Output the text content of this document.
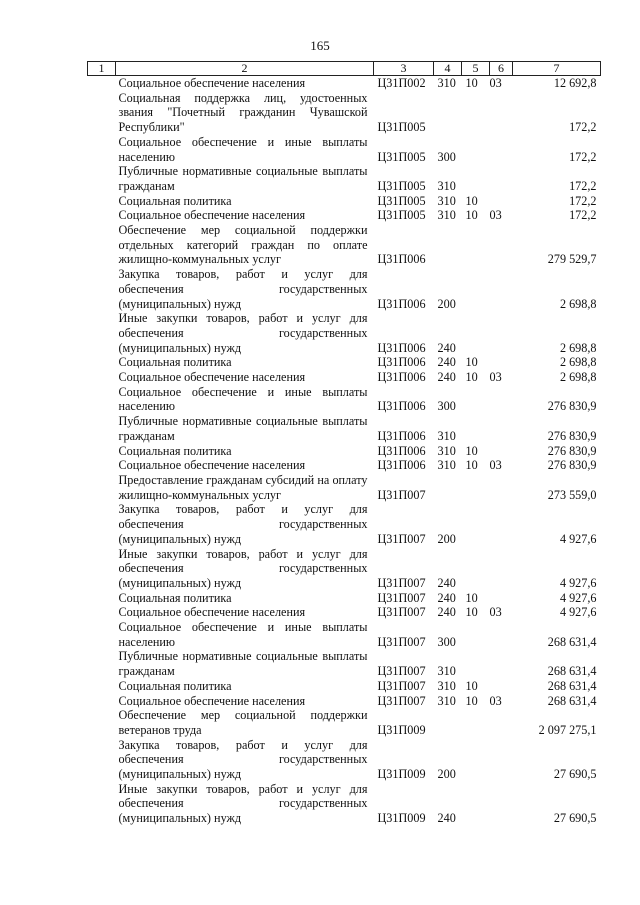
165
1	2	3	4	5	6	7
	Социальное обеспечение населения	Ц31П002	310	10	03	12 692,8
	Социальная поддержка лиц, удостоенных звания "Почетный гражданин Чувашской Республики"	Ц31П005				172,2
	Социальное обеспечение и иные выплаты населению	Ц31П005	300			172,2
	Публичные нормативные социальные выплаты гражданам	Ц31П005	310			172,2
	Социальная политика	Ц31П005	310	10		172,2
	Социальное обеспечение населения	Ц31П005	310	10	03	172,2
	Обеспечение мер социальной поддержки отдельных категорий граждан по оплате жилищно-коммунальных услуг	Ц31П006				279 529,7
	Закупка товаров, работ и услуг для обеспечения государственных (муниципальных) нужд	Ц31П006	200			2 698,8
	Иные закупки товаров, работ и услуг для обеспечения государственных (муниципальных) нужд	Ц31П006	240			2 698,8
	Социальная политика	Ц31П006	240	10		2 698,8
	Социальное обеспечение населения	Ц31П006	240	10	03	2 698,8
	Социальное обеспечение и иные выплаты населению	Ц31П006	300			276 830,9
	Публичные нормативные социальные выплаты гражданам	Ц31П006	310			276 830,9
	Социальная политика	Ц31П006	310	10		276 830,9
	Социальное обеспечение населения	Ц31П006	310	10	03	276 830,9
	Предоставление гражданам субсидий на оплату жилищно-коммунальных услуг	Ц31П007				273 559,0
	Закупка товаров, работ и услуг для обеспечения государственных (муниципальных) нужд	Ц31П007	200			4 927,6
	Иные закупки товаров, работ и услуг для обеспечения государственных (муниципальных) нужд	Ц31П007	240			4 927,6
	Социальная политика	Ц31П007	240	10		4 927,6
	Социальное обеспечение населения	Ц31П007	240	10	03	4 927,6
	Социальное обеспечение и иные выплаты населению	Ц31П007	300			268 631,4
	Публичные нормативные социальные выплаты гражданам	Ц31П007	310			268 631,4
	Социальная политика	Ц31П007	310	10		268 631,4
	Социальное обеспечение населения	Ц31П007	310	10	03	268 631,4
	Обеспечение мер социальной поддержки ветеранов труда	Ц31П009				2 097 275,1
	Закупка товаров, работ и услуг для обеспечения государственных (муниципальных) нужд	Ц31П009	200			27 690,5
	Иные закупки товаров, работ и услуг для обеспечения государственных (муниципальных) нужд	Ц31П009	240			27 690,5
